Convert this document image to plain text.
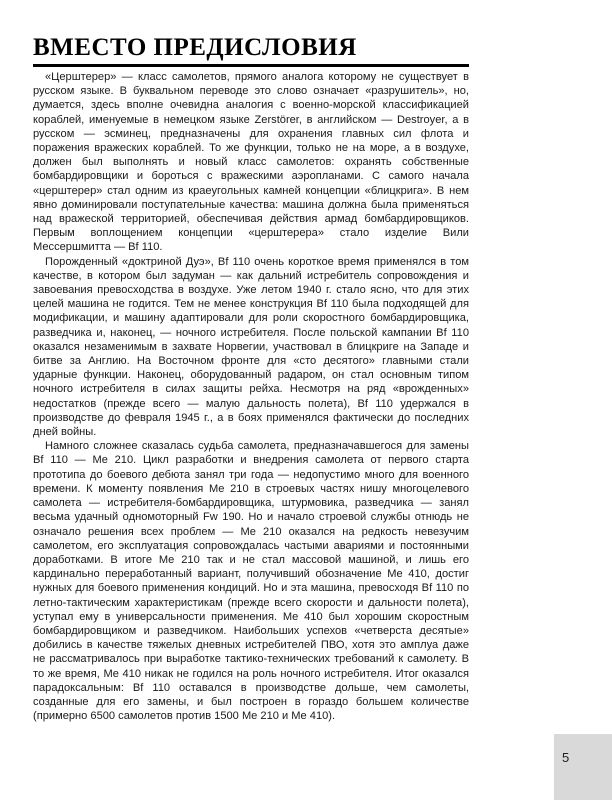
ВМЕСТО ПРЕДИСЛОВИЯ

«Церштерер» — класс самолетов, прямого аналога которому не существует в русском языке. В буквальном переводе это слово означает «разрушитель», но, думается, здесь вполне очевидна аналогия с военно-морской классификацией кораблей, именуемые в немецком языке Zerstörer, в английском — Destroyer, а в русском — эсминец, предназначены для охранения главных сил флота и поражения вражеских кораблей. То же функции, только не на море, а в воздухе, должен был выполнять и новый класс самолетов: охранять собственные бомбардировщики и бороться с вражескими аэропланами. С самого начала «церштерер» стал одним из краеугольных камней концепции «блицкрига». В нем явно доминировали поступательные качества: машина должна была применяться над вражеской территорией, обеспечивая действия армад бомбардировщиков. Первым воплощением концепции «церштерера» стало изделие Вили Мессершмитта — Bf 110.

Порожденный «доктриной Дуэ», Bf 110 очень короткое время применялся в том качестве, в котором был задуман — как дальний истребитель сопровождения и завоевания превосходства в воздухе. Уже летом 1940 г. стало ясно, что для этих целей машина не годится. Тем не менее конструкция Bf 110 была подходящей для модификации, и машину адаптировали для роли скоростного бомбардировщика, разведчика и, наконец, — ночного истребителя. После польской кампании Bf 110 оказался незаменимым в захвате Норвегии, участвовал в блицкриге на Западе и битве за Англию. На Восточном фронте для «сто десятого» главными стали ударные функции. Наконец, оборудованный радаром, он стал основным типом ночного истребителя в силах защиты рейха. Несмотря на ряд «врожденных» недостатков (прежде всего — малую дальность полета), Bf 110 удержался в производстве до февраля 1945 г., а в боях применялся фактически до последних дней войны.

Намного сложнее сказалась судьба самолета, предназначавшегося для замены Bf 110 — Me 210. Цикл разработки и внедрения самолета от первого старта прототипа до боевого дебюта занял три года — недопустимо много для военного времени. К моменту появления Me 210 в строевых частях нишу многоцелевого самолета — истребителя-бомбардировщика, штурмовика, разведчика — занял весьма удачный одномоторный Fw 190. Но и начало строевой службы отнюдь не означало решения всех проблем — Me 210 оказался на редкость невезучим самолетом, его эксплуатация сопровождалась частыми авариями и постоянными доработками. В итоге Me 210 так и не стал массовой машиной, и лишь его кардинально переработанный вариант, получивший обозначение Me 410, достиг нужных для боевого применения кондиций. Но и эта машина, превосходя Bf 110 по летно-тактическим характеристикам (прежде всего скорости и дальности полета), уступал ему в универсальности применения. Me 410 был хорошим скоростным бомбардировщиком и разведчиком. Наибольших успехов «четверста десятые» добились в качестве тяжелых дневных истребителей ПВО, хотя это амплуа даже не рассматривалось при выработке тактико-технических требований к самолету. В то же время, Me 410 никак не годился на роль ночного истребителя. Итог оказался парадоксальным: Bf 110 оставался в производстве дольше, чем самолеты, созданные для его замены, и был построен в гораздо большем количестве (примерно 6500 самолетов против 1500 Me 210 и Me 410).

5
